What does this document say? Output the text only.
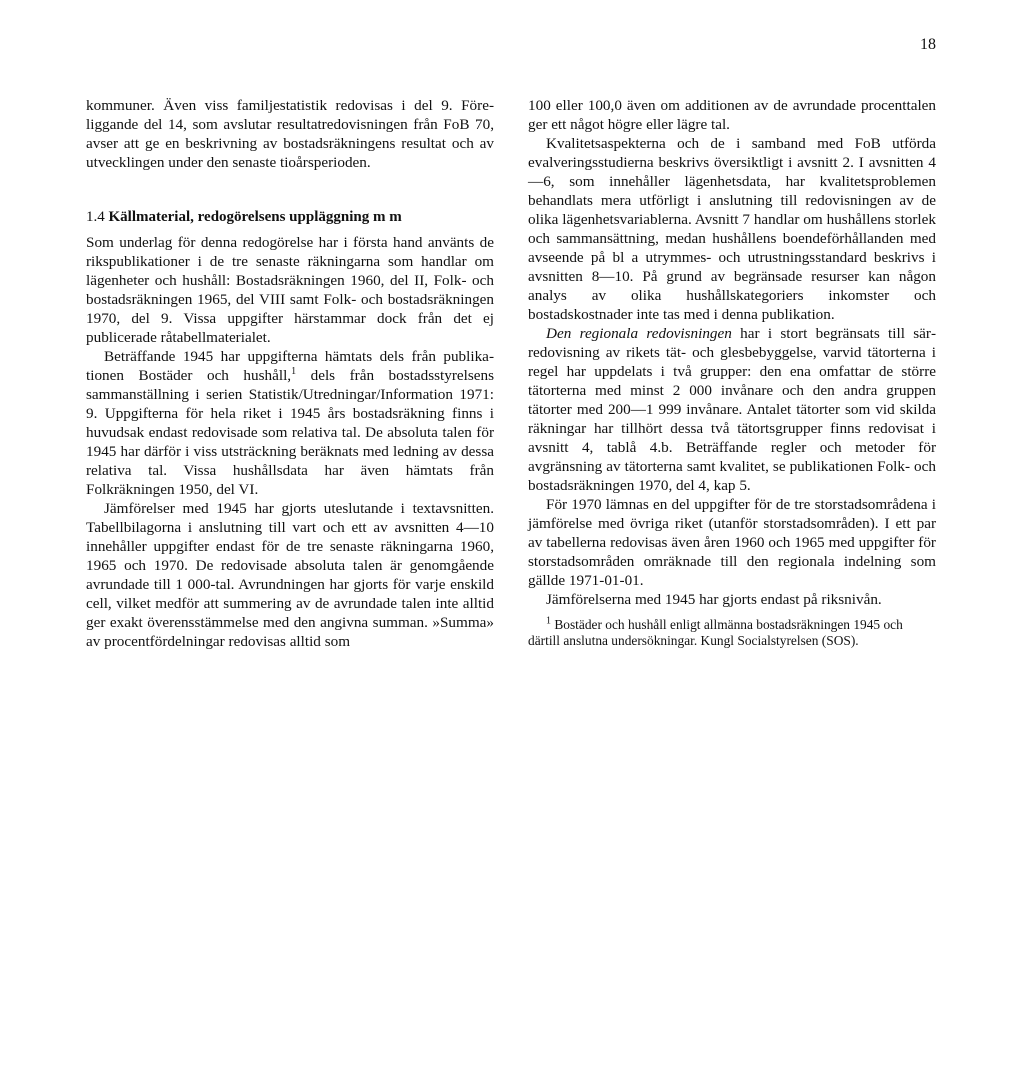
18

kommuner. Även viss familjestatistik redovisas i del 9. Föreliggande del 14, som avslutar resultatredovisningen från FoB 70, avser att ge en beskrivning av bostadsräkningens resultat och av utvecklingen under den senaste tioårsperioden.

1.4 Källmaterial, redogörelsens uppläggning m m

Som underlag för denna redogörelse har i första hand använts de rikspublikationer i de tre senaste räkningarna som handlar om lägenheter och hushåll: Bostadsräkningen 1960, del II, Folk- och bostadsräkningen 1965, del VIII samt Folk- och bostadsräkningen 1970, del 9. Vissa uppgifter härstammar dock från det ej publicerade råtabellmaterialet.

Beträffande 1945 har uppgifterna hämtats dels från publikationen Bostäder och hushåll,$^1$ dels från bostadsstyrelsens sammanställning i serien Statistik/Utredningar/Information 1971: 9. Uppgifterna för hela riket i 1945 års bostadsräkning finns i huvudsak endast redovisade som relativa tal. De absoluta talen för 1945 har därför i viss utsträckning beräknats med ledning av dessa relativa tal. Vissa hushållsdata har även hämtats från Folkräkningen 1950, del VI.

Jämförelser med 1945 har gjorts uteslutande i textavsnitten. Tabellbilagorna i anslutning till vart och ett av avsnitten 4—10 innehåller uppgifter endast för de tre senaste räkningarna 1960, 1965 och 1970. De redovisade absoluta talen är genomgående avrundade till 1 000-tal. Avrundningen har gjorts för varje enskild cell, vilket medför att summering av de avrundade talen inte alltid ger exakt överensstämmelse med den angivna summan. »Summa» av procentfördelningar redovisas alltid som

100 eller 100,0 även om additionen av de avrundade procenttalen ger ett något högre eller lägre tal.

Kvalitetsaspekterna och de i samband med FoB utförda evalveringsstudierna beskrivs översiktligt i avsnitt 2. I avsnitten 4—6, som innehåller lägenhetsdata, har kvalitetsproblemen behandlats mera utförligt i anslutning till redovisningen av de olika lägenhetsvariablerna. Avsnitt 7 handlar om hushållens storlek och sammansättning, medan hushållens boendeförhållanden med avseende på bl a utrymmes- och utrustningsstandard beskrivs i avsnitten 8—10. På grund av begränsade resurser kan någon analys av olika hushållskategoriers inkomster och bostadskostnader inte tas med i denna publikation.

Den regionala redovisningen har i stort begränsats till särredovisning av rikets tät- och glesbebyggelse, varvid tätorterna i regel har uppdelats i två grupper: den ena omfattar de större tätorterna med minst 2 000 invånare och den andra gruppen tätorter med 200—1 999 invånare. Antalet tätorter som vid skilda räkningar har tillhört dessa två tätortsgrupper finns redovisat i avsnitt 4, tablå 4.b. Beträffande regler och metoder för avgränsning av tätorterna samt kvalitet, se publikationen Folk- och bostadsräkningen 1970, del 4, kap 5.

För 1970 lämnas en del uppgifter för de tre storstadsområdena i jämförelse med övriga riket (utanför storstadsområden). I ett par av tabellerna redovisas även åren 1960 och 1965 med uppgifter för storstadsområden omräknade till den regionala indelning som gällde 1971-01-01.

Jämförelserna med 1945 har gjorts endast på riksnivån.

$^1$ Bostäder och hushåll enligt allmänna bostadsräkningen 1945 och därtill anslutna undersökningar. Kungl Socialstyrelsen (SOS).
